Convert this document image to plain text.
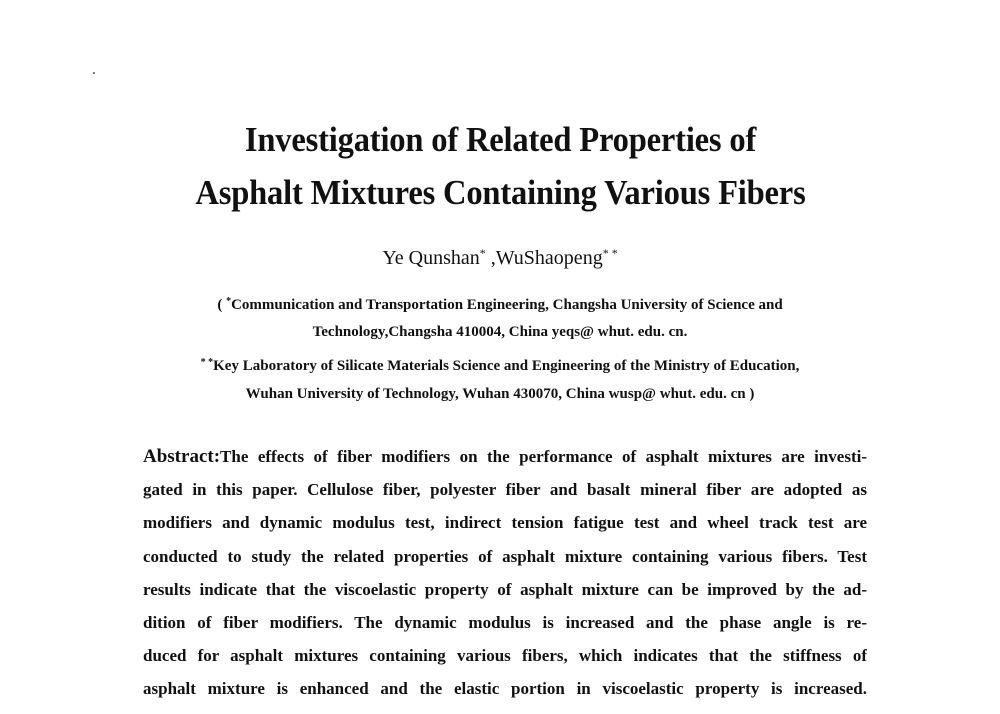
Investigation of Related Properties of
Asphalt Mixtures Containing Various Fibers
Ye Qunshan* ,WuShaopeng* *
( *Communication and Transportation Engineering, Changsha University of Science and
Technology,Changsha 410004, China yeqs@ whut. edu. cn.
* *Key Laboratory of Silicate Materials Science and Engineering of the Ministry of Education,
Wuhan University of Technology, Wuhan 430070, China wusp@ whut. edu. cn )
Abstract:The effects of fiber modifiers on the performance of asphalt mixtures are investi-
gated in this paper. Cellulose fiber, polyester fiber and basalt mineral fiber are adopted as
modifiers and dynamic modulus test, indirect tension fatigue test and wheel track test are
conducted to study the related properties of asphalt mixture containing various fibers. Test
results indicate that the viscoelastic property of asphalt mixture can be improved by the ad-
dition of fiber modifiers. The dynamic modulus is increased and the phase angle is re-
duced for asphalt mixtures containing various fibers, which indicates that the stiffness of
asphalt mixture is enhanced and the elastic portion in viscoelastic property is increased.
